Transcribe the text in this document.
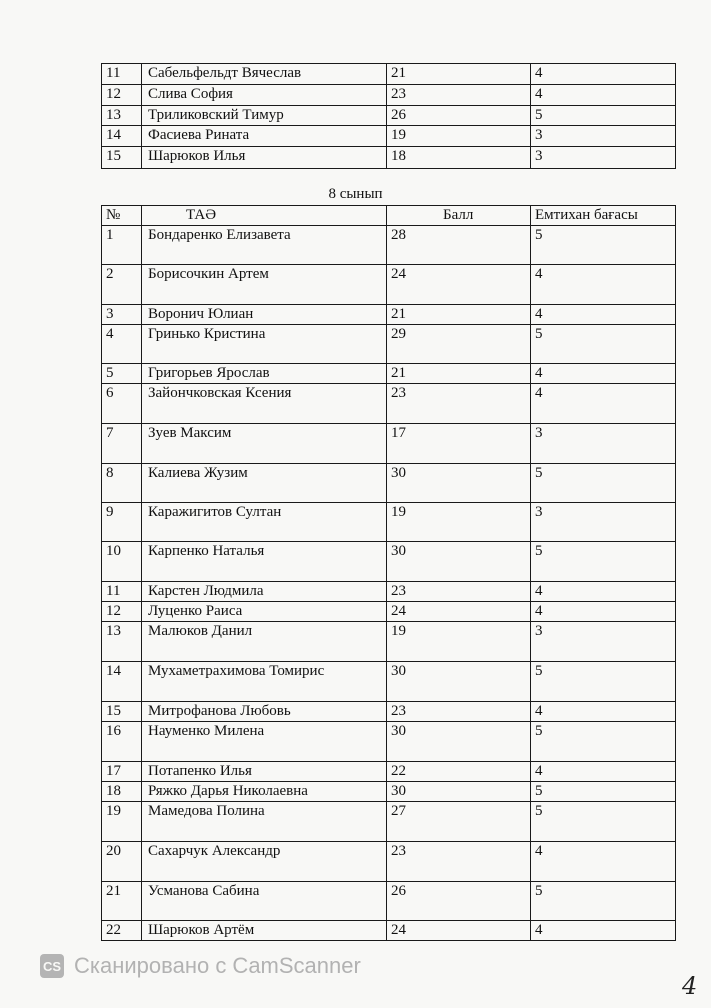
11	Сабельфельдт Вячеслав	21	4
12	Слива София	23	4
13	Триликовский Тимур	26	5
14	Фасиева Рината	19	3
15	Шарюков Илья	18	3
8 сынып
№	ТАӘ	Балл	Емтихан бағасы
1	Бондаренко Елизавета	28	5
2	Борисочкин Артем	24	4
3	Воронич Юлиан	21	4
4	Гринько Кристина	29	5
5	Григорьев Ярослав	21	4
6	Зайончковская Ксения	23	4
7	Зуев Максим	17	3
8	Калиева Жузим	30	5
9	Каражигитов Султан	19	3
10	Карпенко Наталья	30	5
11	Карстен Людмила	23	4
12	Луценко Раиса	24	4
13	Малюков Данил	19	3
14	Мухаметрахимова Томирис	30	5
15	Митрофанова Любовь	23	4
16	Науменко Милена	30	5
17	Потапенко Илья	22	4
18	Ряжко Дарья Николаевна	30	5
19	Мамедова Полина	27	5
20	Сахарчук Александр	23	4
21	Усманова Сабина	26	5
22	Шарюков Артём	24	4
CS Сканировано с CamScanner
4
